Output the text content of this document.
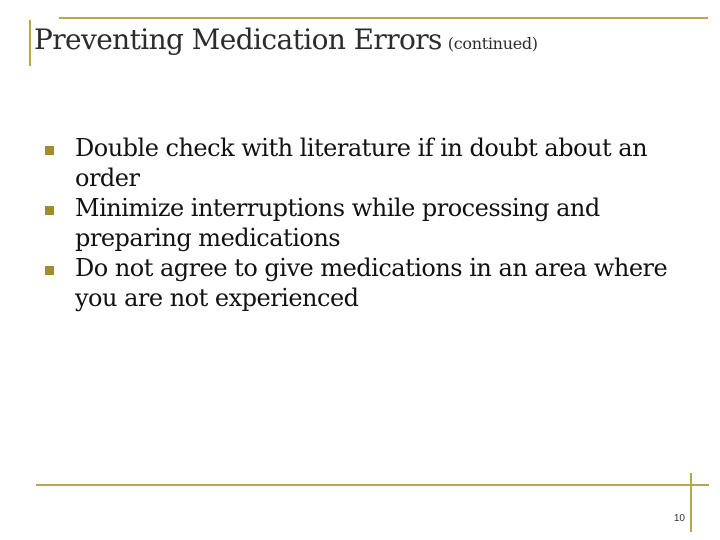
Preventing Medication Errors (continued)
Double check with literature if in doubt about an order
Minimize interruptions while processing and preparing medications
Do not agree to give medications in an area where you are not experienced
10
